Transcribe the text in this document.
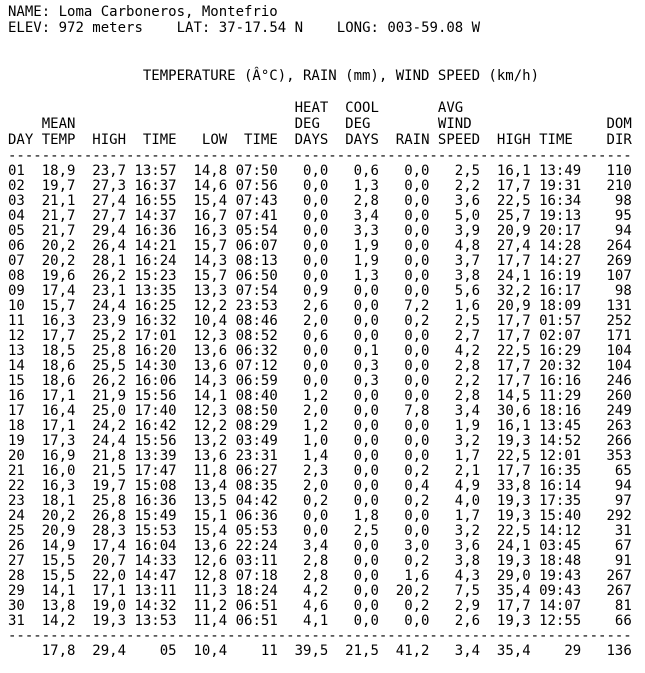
NAME: Loma Carboneros, Montefrio
ELEV: 972 meters LAT: 37-17.54 N LONG: 003-59.08 W
TEMPERATURE (Â°C), RAIN (mm), WIND SPEED (km/h)
HEAT  COOL	AVG
MEAN	DEG   DEG	WIND	DOM
DAY TEMP  HIGH  TIME   LOW  TIME  DAYS  DAYS  RAIN SPEED  HIGH TIME    DIR
--------------------------------------------------------------------------
01  18,9  23,7 13:57  14,8 07:50   0,0   0,6   0,0   2,5  16,1 13:49   110
02  19,7  27,3 16:37  14,6 07:56   0,0   1,3   0,0   2,2  17,7 19:31   210
03  21,1  27,4 16:55  15,4 07:43   0,0   2,8   0,0   3,6  22,5 16:34    98
04  21,7  27,7 14:37  16,7 07:41   0,0   3,4   0,0   5,0  25,7 19:13    95
05  21,7  29,4 16:36  16,3 05:54   0,0   3,3   0,0   3,9  20,9 20:17    94
06  20,2  26,4 14:21  15,7 06:07   0,0   1,9   0,0   4,8  27,4 14:28   264
07  20,2  28,1 16:24  14,3 08:13   0,0   1,9   0,0   3,7  17,7 14:27   269
08  19,6  26,2 15:23  15,7 06:50   0,0   1,3   0,0   3,8  24,1 16:19   107
09  17,4  23,1 13:35  13,3 07:54   0,9   0,0   0,0   5,6  32,2 16:17    98
10  15,7  24,4 16:25  12,2 23:53   2,6   0,0   7,2   1,6  20,9 18:09   131
11  16,3  23,9 16:32  10,4 08:46   2,0   0,0   0,2   2,5  17,7 01:57   252
12  17,7  25,2 17:01  12,3 08:52   0,6   0,0   0,0   2,7  17,7 02:07   171
13  18,5  25,8 16:20  13,6 06:32   0,0   0,1   0,0   4,2  22,5 16:29   104
14  18,6  25,5 14:30  13,6 07:12   0,0   0,3   0,0   2,8  17,7 20:32   104
15  18,6  26,2 16:06  14,3 06:59   0,0   0,3   0,0   2,2  17,7 16:16   246
16  17,1  21,9 15:56  14,1 08:40   1,2   0,0   0,0   2,8  14,5 11:29   260
17  16,4  25,0 17:40  12,3 08:50   2,0   0,0   7,8   3,4  30,6 18:16   249
18  17,1  24,2 16:42  12,2 08:29   1,2   0,0   0,0   1,9  16,1 13:45   263
19  17,3  24,4 15:56  13,2 03:49   1,0   0,0   0,0   3,2  19,3 14:52   266
20  16,9  21,8 13:39  13,6 23:31   1,4   0,0   0,0   1,7  22,5 12:01   353
21  16,0  21,5 17:47  11,8 06:27   2,3   0,0   0,2   2,1  17,7 16:35    65
22  16,3  19,7 15:08  13,4 08:35   2,0   0,0   0,4   4,9  33,8 16:14    94
23  18,1  25,8 16:36  13,5 04:42   0,2   0,0   0,2   4,0  19,3 17:35    97
24  20,2  26,8 15:49  15,1 06:36   0,0   1,8   0,0   1,7  19,3 15:40   292
25  20,9  28,3 15:53  15,4 05:53   0,0   2,5   0,0   3,2  22,5 14:12    31
26  14,9  17,4 16:04  13,6 22:24   3,4   0,0   3,0   3,6  24,1 03:45    67
27  15,5  20,7 14:33  12,6 03:11   2,8   0,0   0,2   3,8  19,3 18:48    91
28  15,5  22,0 14:47  12,8 07:18   2,8   0,0   1,6   4,3  29,0 19:43   267
29  14,1  17,1 13:11  11,3 18:24   4,2   0,0  20,2   7,5  35,4 09:43   267
30  13,8  19,0 14:32  11,2 06:51   4,6   0,0   0,2   2,9  17,7 14:07    81
31  14,2  19,3 13:53  11,4 06:51   4,1   0,0   0,0   2,6  19,3 12:55    66
--------------------------------------------------------------------------
17,8  29,4    05  10,4    11  39,5  21,5  41,2   3,4  35,4    29   136
